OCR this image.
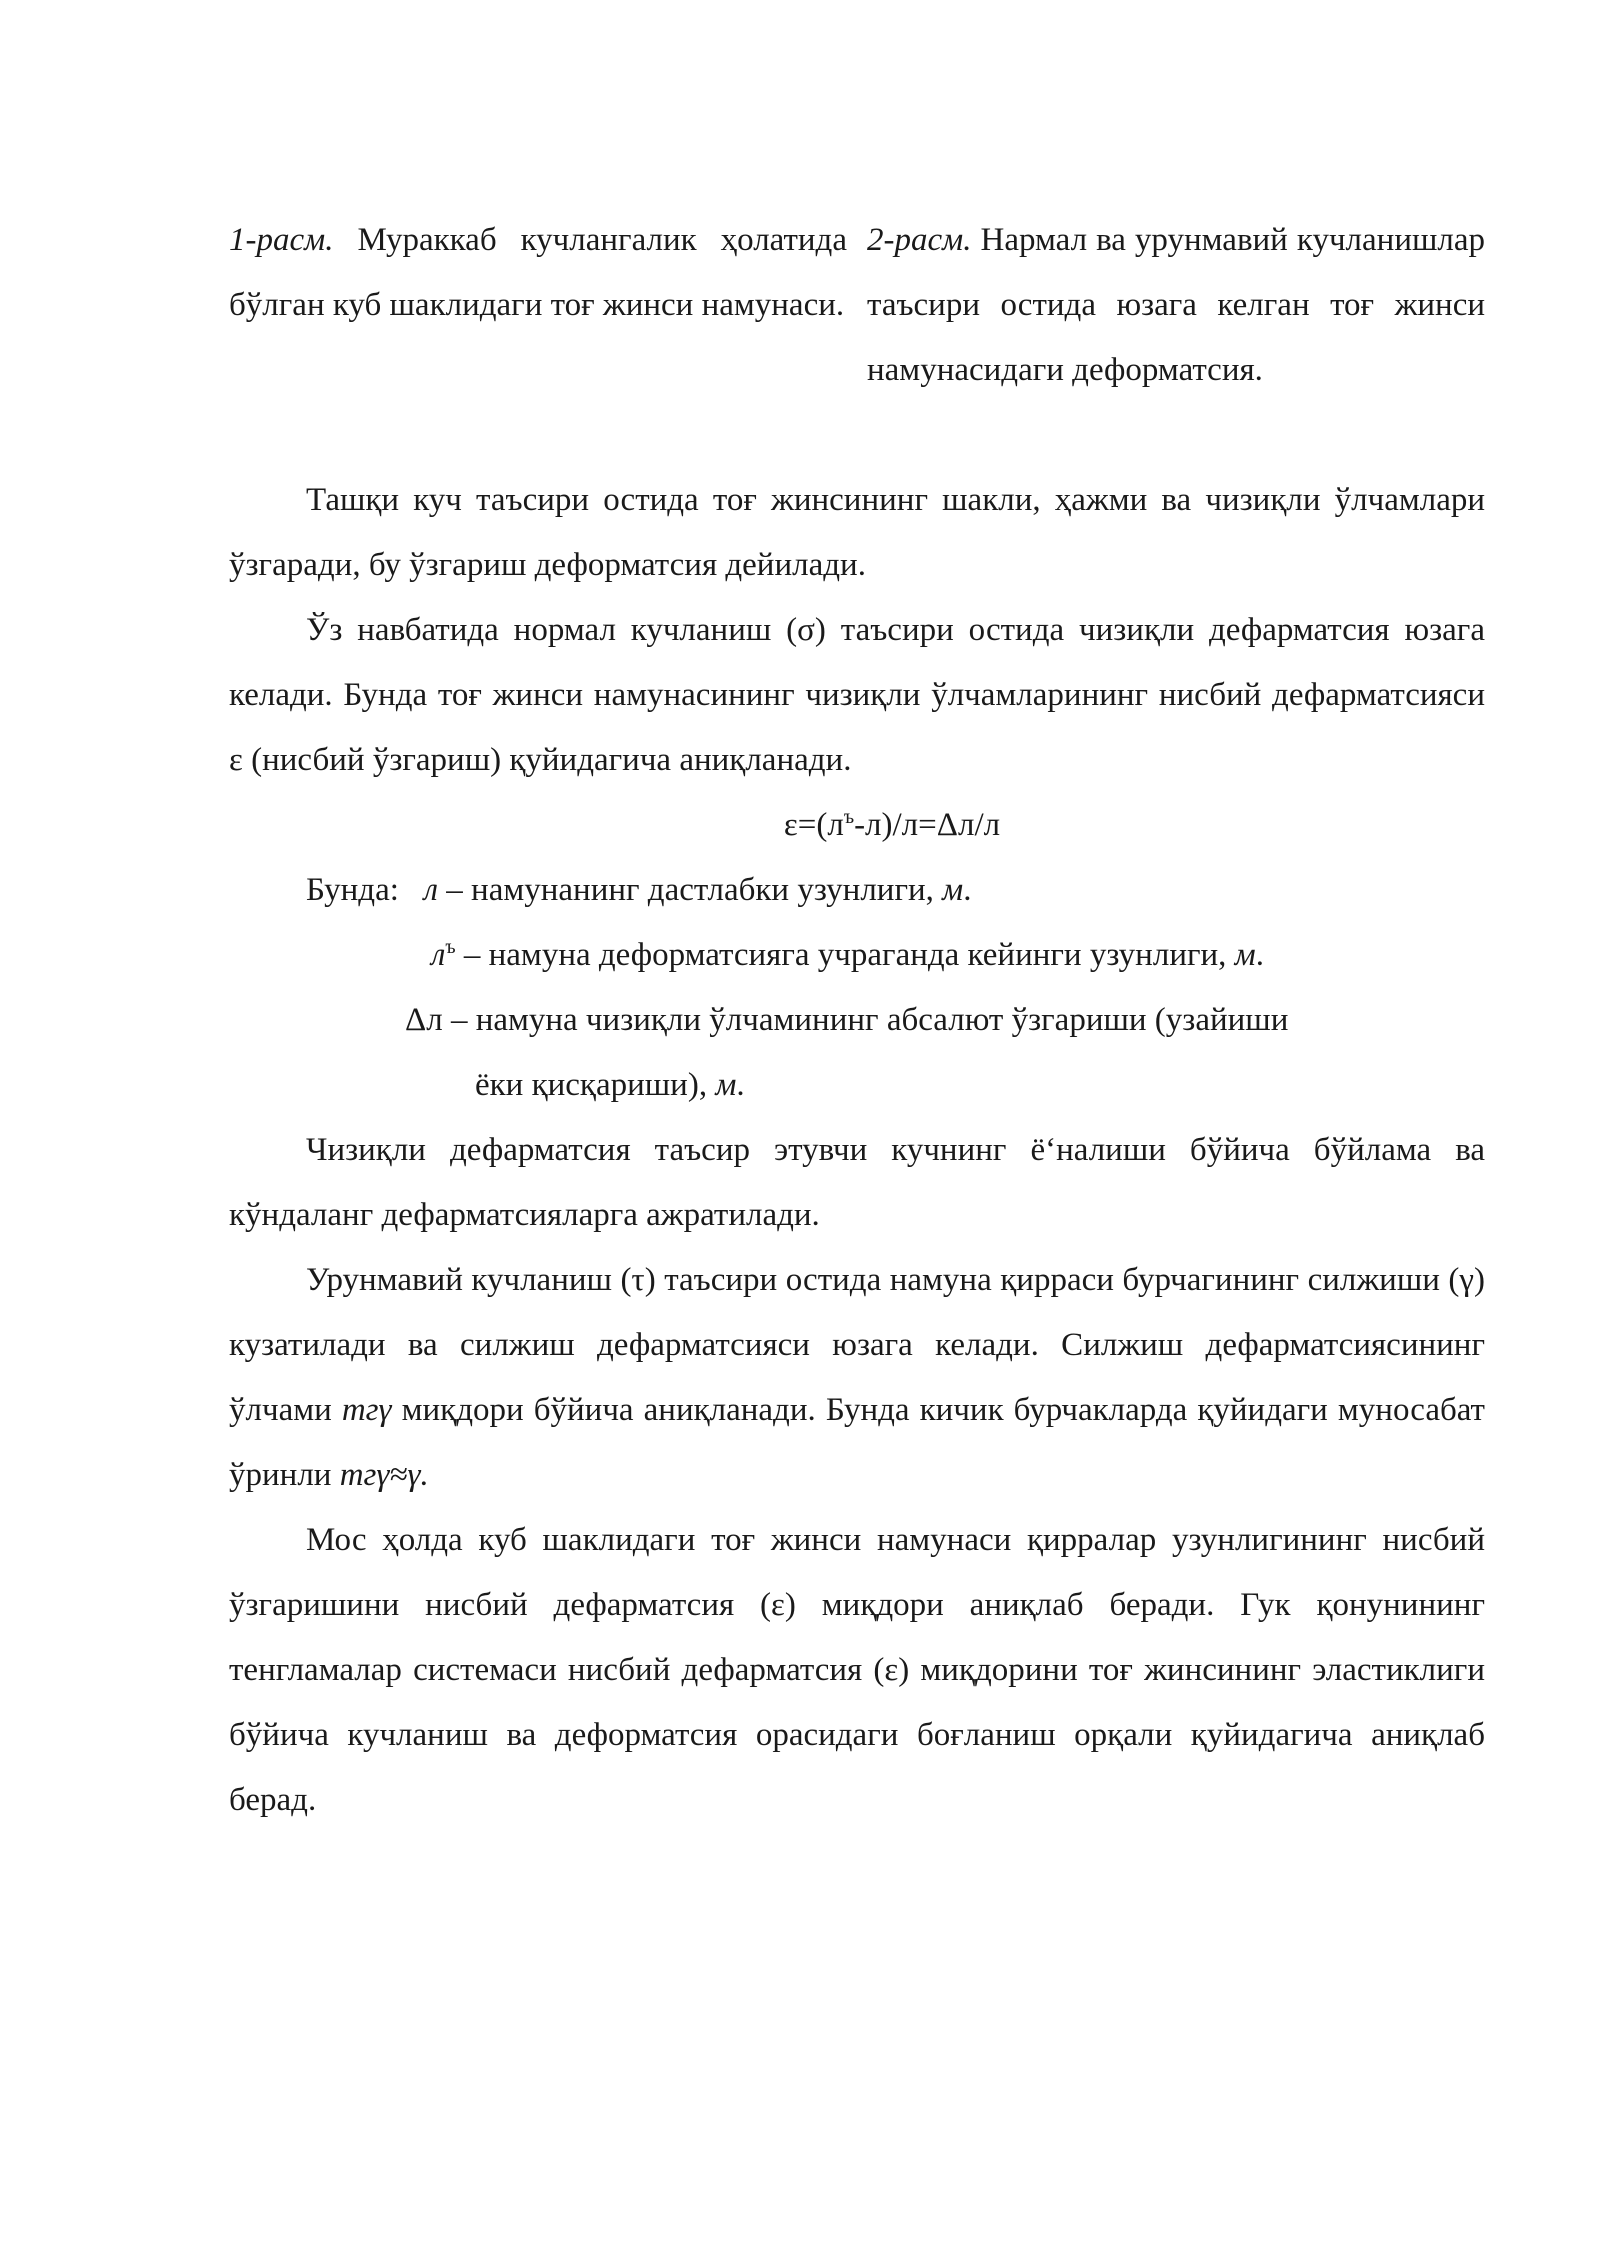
1-расм. Мураккаб кучлангалик ҳолатида бўлган куб шаклидаги тоғ жинси намунаси.
2-расм. Нармал ва урунмавий кучланишлар таъсири остида юзага келган тоғ жинси намунасидаги деформатсия.

Ташқи куч таъсири остида тоғ жинсининг шакли, ҳажми ва чизиқли ўлчамлари ўзгаради, бу ўзгариш деформатсия дейилади.

Ўз навбатида нормал кучланиш (σ) таъсири остида чизиқли дефарматсия юзага келади. Бунда тоғ жинси намунасининг чизиқли ўлчамларининг нисбий дефарматсияси ε (нисбий ўзгариш) қуйидагича аниқланади.

$\varepsilon=(л^ъ-л)/л=\Delta л/л$
Бунда: л – намунанинг дастлабки узунлиги, м.
$л^ъ$ – намуна деформатсияга учраганда кейинги узунлиги, м.
Δл – намуна чизиқли ўлчамининг абсалют ўзгариши (узайиши
ёки қисқариши), м.

Чизиқли дефарматсия таъсир этувчи кучнинг ёʻналиши бўйича бўйлама ва кўндаланг дефарматсияларга ажратилади.

Урунмавий кучланиш (τ) таъсири остида намуна қирраси бурчагининг силжиши (γ) кузатилади ва силжиш дефарматсияси юзага келади. Силжиш дефарматсиясининг ўлчами тгγ миқдори бўйича аниқланади. Бунда кичик бурчакларда қуйидаги муносабат ўринли тгγ≈γ.

Мос ҳолда куб шаклидаги тоғ жинси намунаси қирралар узунлигининг нисбий ўзгаришини нисбий дефарматсия (ε) миқдори аниқлаб беради. Гук қонунининг тенгламалар системаси нисбий дефарматсия (ε) миқдорини тоғ жинсининг эластиклиги бўйича кучланиш ва деформатсия орасидаги боғланиш орқали қуйидагича аниқлаб берад.
